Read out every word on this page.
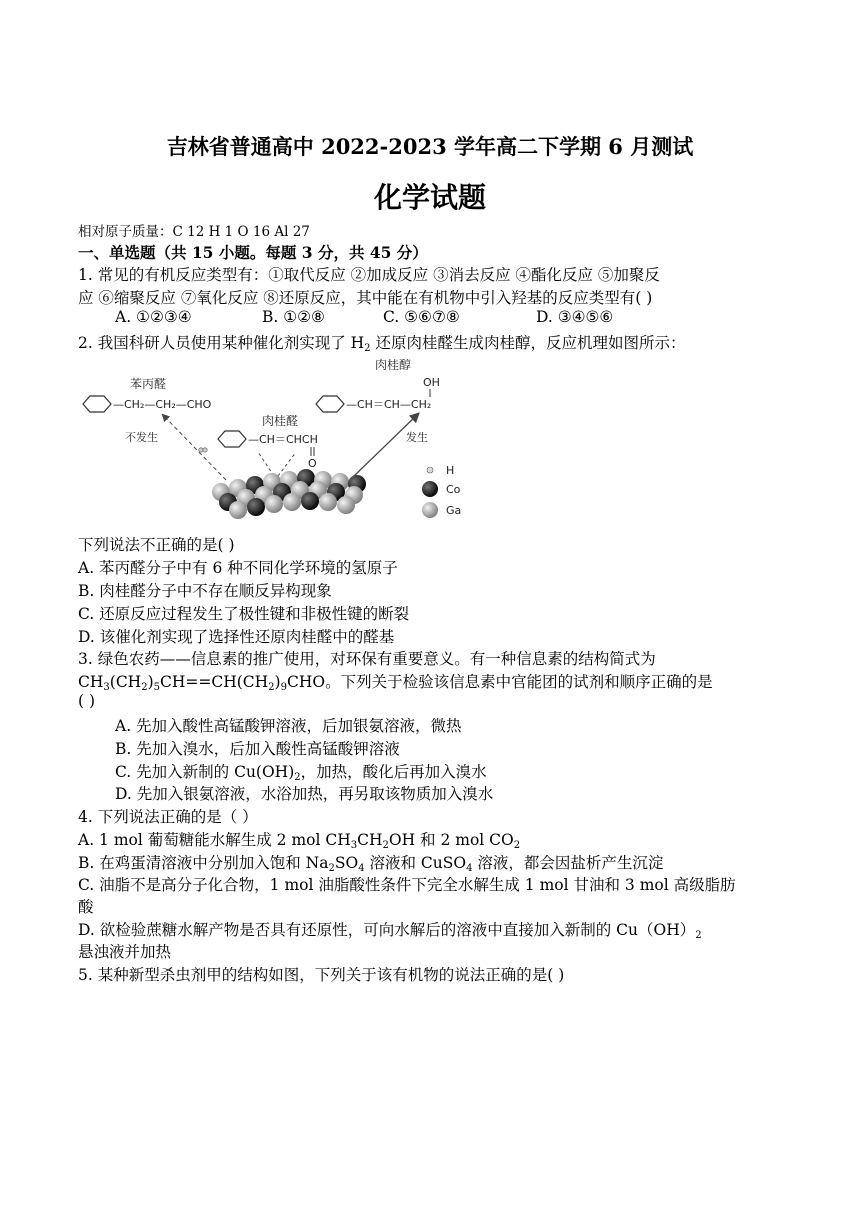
吉林省普通高中 2022-2023 学年高二下学期 6 月测试
化学试题
相对原子质量：C 12 H 1 O 16 Al 27
一、单选题（共 15 小题。每题 3 分，共 45 分）
1. 常见的有机反应类型有：①取代反应 ②加成反应 ③消去反应 ④酯化反应 ⑤加聚反
应 ⑥缩聚反应 ⑦氧化反应 ⑧还原反应，其中能在有机物中引入羟基的反应类型有( )
A. ①②③④	B. ①②⑧	C. ⑤⑥⑦⑧	D. ③④⑤⑥
2. 我国科研人员使用某种催化剂实现了 $H_2$ 还原肉桂醛生成肉桂醇，反应机理如图所示：
苯丙醛
—CH₂—CH₂—CHO
肉桂醇
OH
—CH＝CH—CH₂
肉桂醛
—CH＝CHCH
O
不发生	发生
H
Co
Ga
下列说法不正确的是( )
A. 苯丙醛分子中有 6 种不同化学环境的氢原子
B. 肉桂醛分子中不存在顺反异构现象
C. 还原反应过程发生了极性键和非极性键的断裂
D. 该催化剂实现了选择性还原肉桂醛中的醛基
3. 绿色农药——信息素的推广使用，对环保有重要意义。有一种信息素的结构简式为
$CH_3(CH_2)_5CH==CH(CH_2)_9CHO$。下列关于检验该信息素中官能团的试剂和顺序正确的是
( )
A. 先加入酸性高锰酸钾溶液，后加银氨溶液，微热
B. 先加入溴水，后加入酸性高锰酸钾溶液
C. 先加入新制的 $Cu(OH)_2$，加热，酸化后再加入溴水
D. 先加入银氨溶液，水浴加热，再另取该物质加入溴水
4. 下列说法正确的是（ ）
A. 1 mol 葡萄糖能水解生成 2 mol $CH_3CH_2OH$ 和 2 mol $CO_2$
B. 在鸡蛋清溶液中分别加入饱和 $Na_2SO_4$ 溶液和 CuSO$_4$ 溶液，都会因盐析产生沉淀
C. 油脂不是高分子化合物，1 mol 油脂酸性条件下完全水解生成 1 mol 甘油和 3 mol 高级脂肪
酸
D. 欲检验蔗糖水解产物是否具有还原性，可向水解后的溶液中直接加入新制的 $Cu(OH)_2$
悬浊液并加热
5. 某种新型杀虫剂甲的结构如图，下列关于该有机物的说法正确的是( )
